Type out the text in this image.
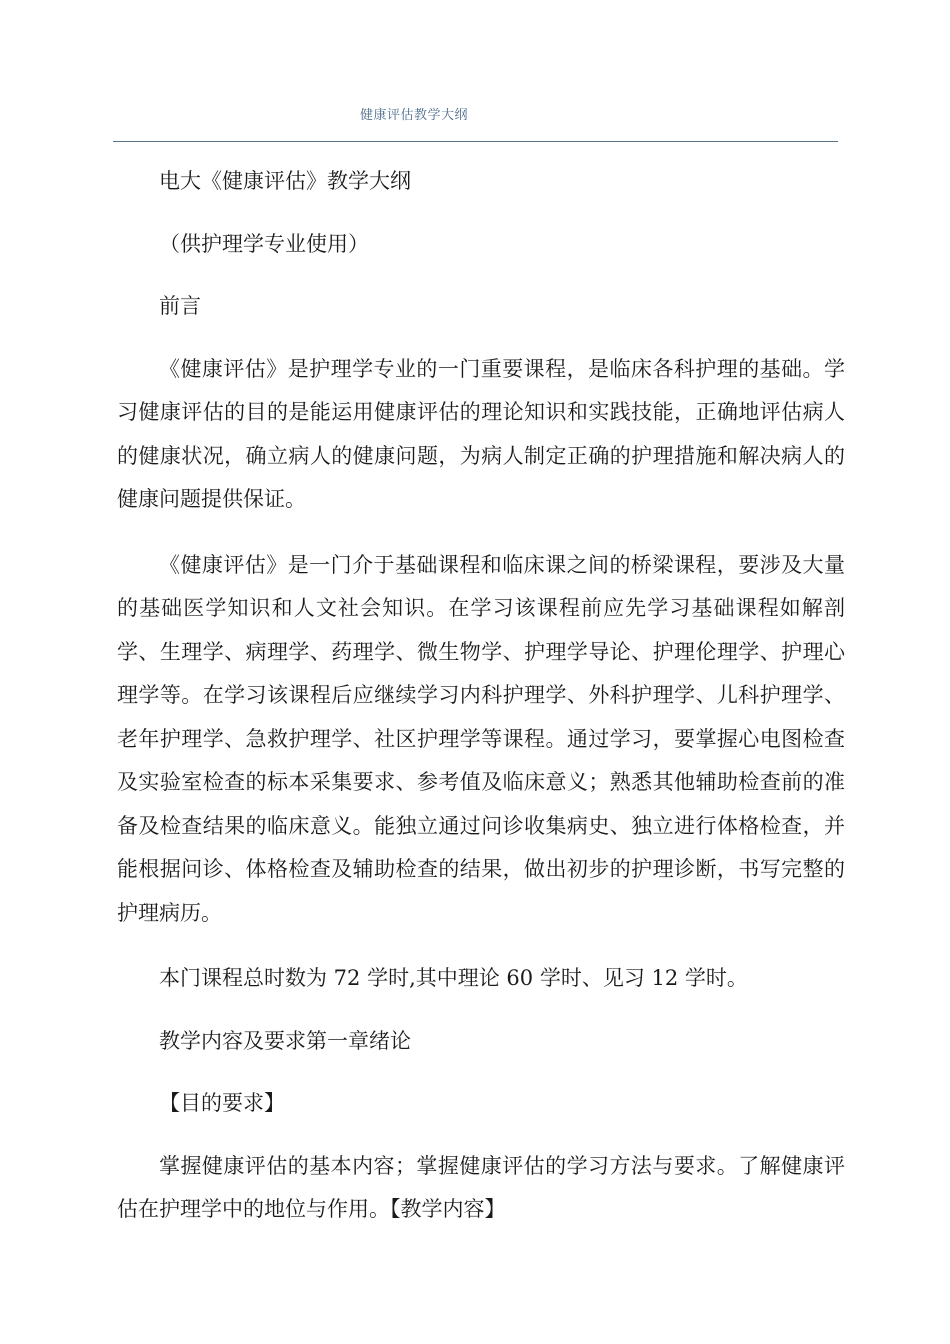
健康评估教学大纲

电大《健康评估》教学大纲

（供护理学专业使用）

前言

《健康评估》是护理学专业的一门重要课程，是临床各科护理的基础。学习健康评估的目的是能运用健康评估的理论知识和实践技能，正确地评估病人的健康状况，确立病人的健康问题，为病人制定正确的护理措施和解决病人的健康问题提供保证。

《健康评估》是一门介于基础课程和临床课之间的桥梁课程，要涉及大量的基础医学知识和人文社会知识。在学习该课程前应先学习基础课程如解剖学、生理学、病理学、药理学、微生物学、护理学导论、护理伦理学、护理心理学等。在学习该课程后应继续学习内科护理学、外科护理学、儿科护理学、老年护理学、急救护理学、社区护理学等课程。通过学习，要掌握心电图检查及实验室检查的标本采集要求、参考值及临床意义；熟悉其他辅助检查前的准备及检查结果的临床意义。能独立通过问诊收集病史、独立进行体格检查，并能根据问诊、体格检查及辅助检查的结果，做出初步的护理诊断，书写完整的护理病历。

本门课程总时数为 72 学时,其中理论 60 学时、见习 12 学时。

教学内容及要求第一章绪论

【目的要求】

掌握健康评估的基本内容；掌握健康评估的学习方法与要求。了解健康评估在护理学中的地位与作用。【教学内容】
